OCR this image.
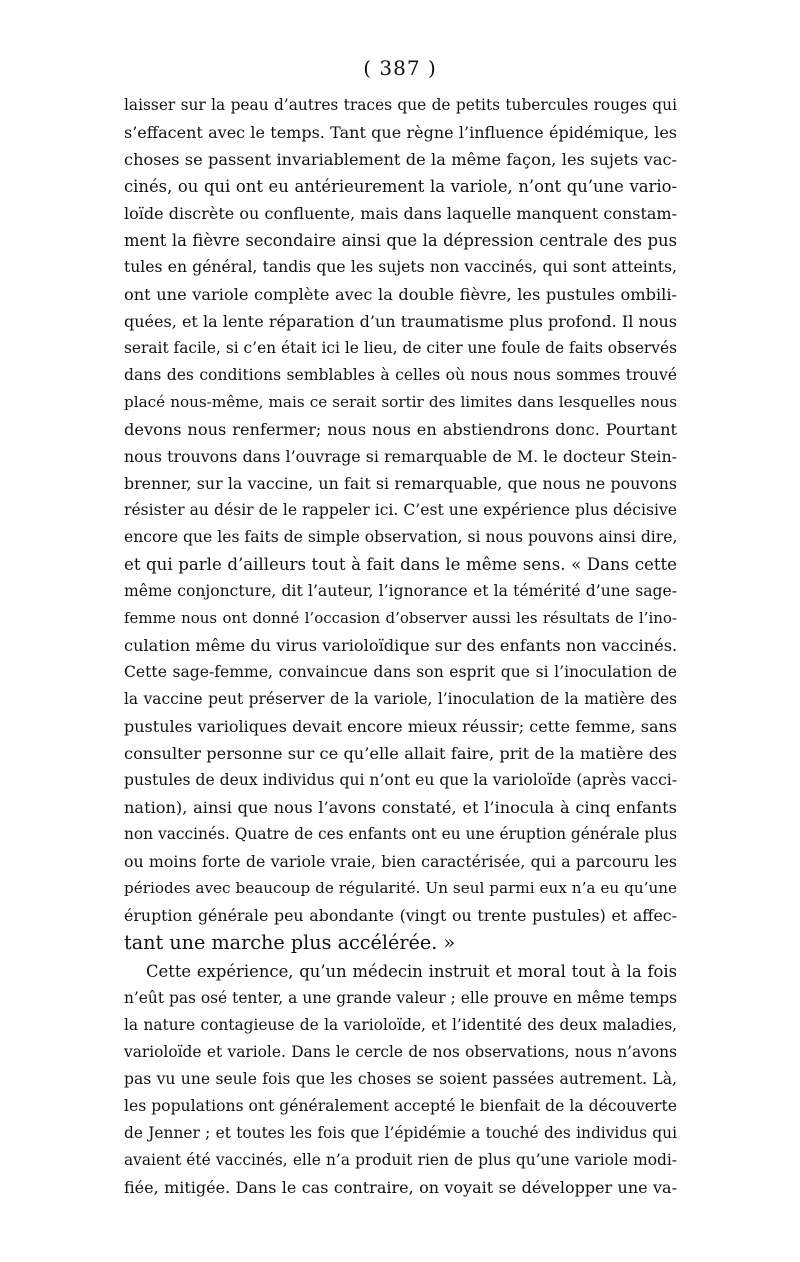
( 387 )
laisser sur la peau d’autres traces que de petits tubercules rouges qui
s’effacent avec le temps. Tant que règne l’influence épidémique, les
choses se passent invariablement de la même façon, les sujets vac-
cinés, ou qui ont eu antérieurement la variole, n’ont qu’une vario-
loïde discrète ou confluente, mais dans laquelle manquent constam-
ment la fièvre secondaire ainsi que la dépression centrale des pus
tules en général, tandis que les sujets non vaccinés, qui sont atteints,
ont une variole complète avec la double fièvre, les pustules ombili-
quées, et la lente réparation d’un traumatisme plus profond. Il nous
serait facile, si c’en était ici le lieu, de citer une foule de faits observés
dans des conditions semblables à celles où nous nous sommes trouvé
placé nous-même, mais ce serait sortir des limites dans lesquelles nous
devons nous renfermer; nous nous en abstiendrons donc. Pourtant
nous trouvons dans l’ouvrage si remarquable de M. le docteur Stein-
brenner, sur la vaccine, un fait si remarquable, que nous ne pouvons
résister au désir de le rappeler ici. C’est une expérience plus décisive
encore que les faits de simple observation, si nous pouvons ainsi dire,
et qui parle d’ailleurs tout à fait dans le même sens. « Dans cette
même conjoncture, dit l’auteur, l’ignorance et la témérité d’une sage-
femme nous ont donné l’occasion d’observer aussi les résultats de l’ino-
culation même du virus varioloïdique sur des enfants non vaccinés.
Cette sage-femme, convaincue dans son esprit que si l’inoculation de
la vaccine peut préserver de la variole, l’inoculation de la matière des
pustules varioliques devait encore mieux réussir; cette femme, sans
consulter personne sur ce qu’elle allait faire, prit de la matière des
pustules de deux individus qui n’ont eu que la varioloïde (après vacci-
nation), ainsi que nous l’avons constaté, et l’inocula à cinq enfants
non vaccinés. Quatre de ces enfants ont eu une éruption générale plus
ou moins forte de variole vraie, bien caractérisée, qui a parcouru les
périodes avec beaucoup de régularité. Un seul parmi eux n’a eu qu’une
éruption générale peu abondante (vingt ou trente pustules) et affec-
tant une marche plus accélérée. »
Cette expérience, qu’un médecin instruit et moral tout à la fois
n’eût pas osé tenter, a une grande valeur ; elle prouve en même temps
la nature contagieuse de la varioloïde, et l’identité des deux maladies,
varioloïde et variole. Dans le cercle de nos observations, nous n’avons
pas vu une seule fois que les choses se soient passées autrement. Là,
les populations ont généralement accepté le bienfait de la découverte
de Jenner ; et toutes les fois que l’épidémie a touché des individus qui
avaient été vaccinés, elle n’a produit rien de plus qu’une variole modi-
fiée, mitigée. Dans le cas contraire, on voyait se développer une va-
